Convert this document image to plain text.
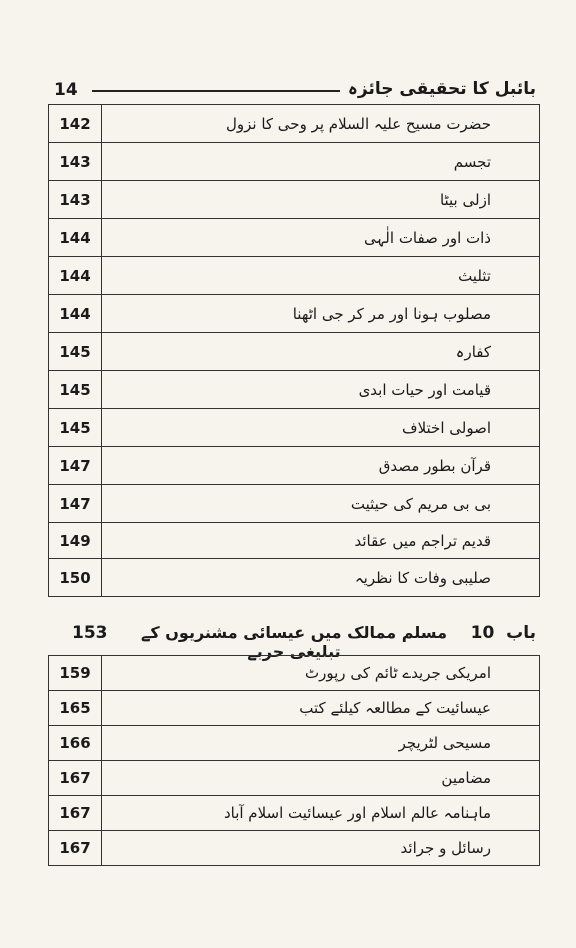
14	بائبل کا تحقیقی جائزہ
142	حضرت مسیح علیہ السلام پر وحی کا نزول
143	تجسم
143	ازلی بیٹا
144	ذات اور صفات الٰہی
144	تثلیث
144	مصلوب ہونا اور مر کر جی اٹھنا
145	کفارہ
145	قیامت اور حیات ابدی
145	اصولی اختلاف
147	قرآن بطور مصدق
147	بی بی مریم کی حیثیت
149	قدیم تراجم میں عقائد
150	صلیبی وفات کا نظریہ
153	مسلم ممالک میں عیسائی مشنریوں کے تبلیغی حربے
باب  10
159	امریکی جریدے ٹائم کی رپورٹ
165	عیسائیت کے مطالعہ کیلئے کتب
166	مسیحی لٹریچر
167	مضامین
167	ماہنامہ عالم اسلام اور عیسائیت اسلام آباد
167	رسائل و جرائد
